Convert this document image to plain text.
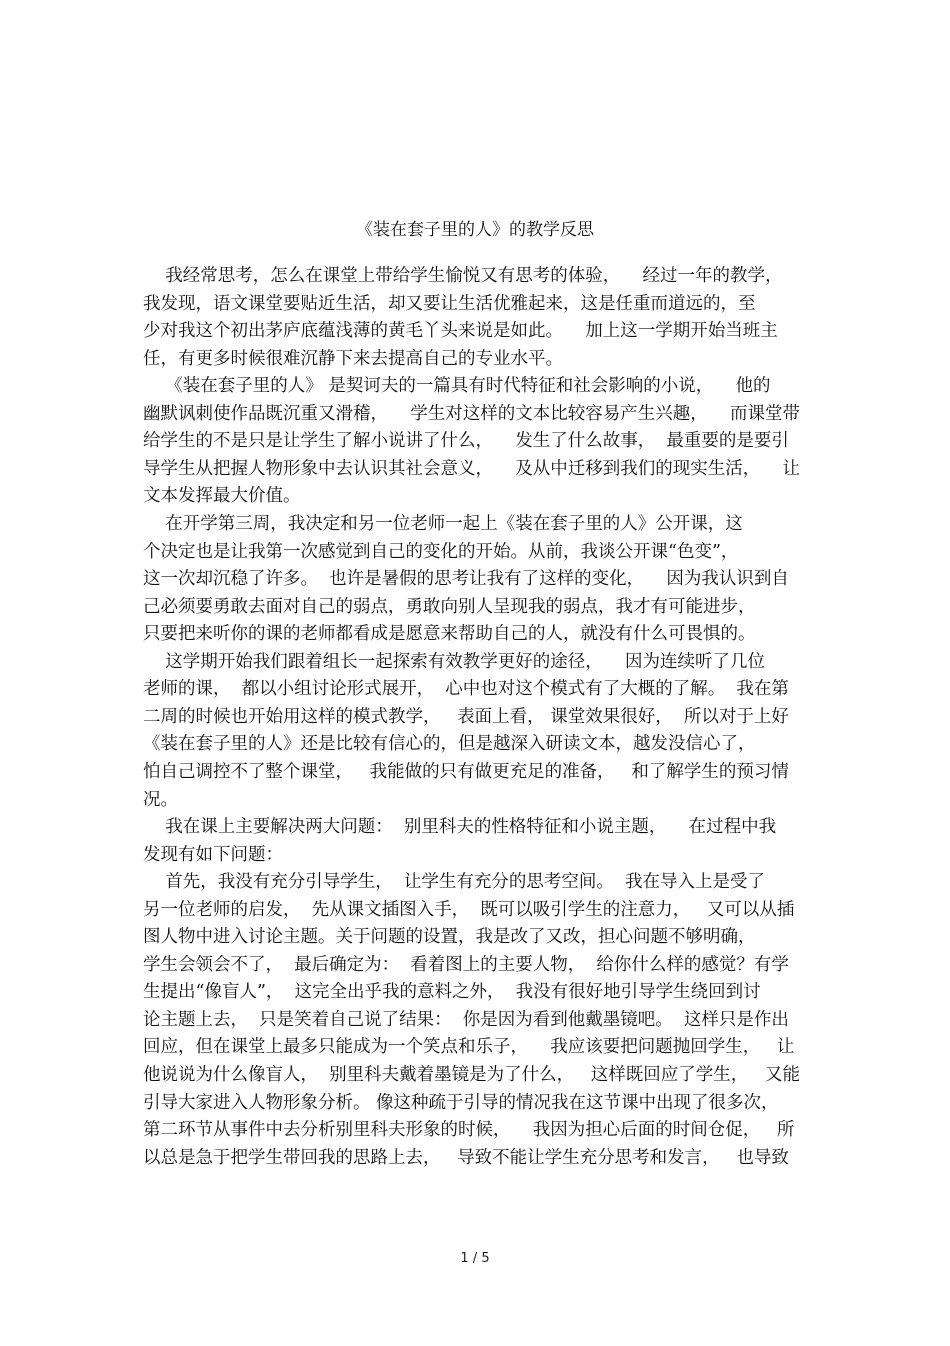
《装在套子里的人》的教学反思
我经常思考，怎么在课堂上带给学生愉悦又有思考的体验，    经过一年的教学，
我发现，语文课堂要贴近生活，却又要让生活优雅起来，这是任重而道远的，至
少对我这个初出茅庐底蕴浅薄的黄毛丫头来说是如此。    加上这一学期开始当班主
任，有更多时候很难沉静下来去提高自己的专业水平。
《装在套子里的人》 是契诃夫的一篇具有时代特征和社会影响的小说，    他的
幽默讽刺使作品既沉重又滑稽，    学生对这样的文本比较容易产生兴趣，    而课堂带
给学生的不是只是让学生了解小说讲了什么，    发生了什么故事，  最重要的是要引
导学生从把握人物形象中去认识其社会意义，    及从中迁移到我们的现实生活，    让
文本发挥最大价值。
在开学第三周，我决定和另一位老师一起上《装在套子里的人》公开课，这
个决定也是让我第一次感觉到自己的变化的开始。从前，我谈公开课“色变”，
这一次却沉稳了许多。  也许是暑假的思考让我有了这样的变化，    因为我认识到自
己必须要勇敢去面对自己的弱点，勇敢向别人呈现我的弱点，我才有可能进步，
只要把来听你的课的老师都看成是愿意来帮助自己的人，就没有什么可畏惧的。
这学期开始我们跟着组长一起探索有效教学更好的途径，    因为连续听了几位
老师的课，  都以小组讨论形式展开，  心中也对这个模式有了大概的了解。  我在第
二周的时候也开始用这样的模式教学，   表面上看， 课堂效果很好，  所以对于上好
《装在套子里的人》还是比较有信心的，但是越深入研读文本，越发没信心了，
怕自己调控不了整个课堂，   我能做的只有做更充足的准备，   和了解学生的预习情
况。
我在课上主要解决两大问题：  别里科夫的性格特征和小说主题，    在过程中我
发现有如下问题：
首先，我没有充分引导学生，  让学生有充分的思考空间。  我在导入上是受了
另一位老师的启发，  先从课文插图入手，  既可以吸引学生的注意力，   又可以从插
图人物中进入讨论主题。关于问题的设置，我是改了又改，担心问题不够明确，
学生会领会不了，  最后确定为：  看着图上的主要人物，  给你什么样的感觉？有学
生提出“像盲人”，  这完全出乎我的意料之外，  我没有很好地引导学生绕回到讨
论主题上去，  只是笑着自己说了结果：  你是因为看到他戴墨镜吧。  这样只是作出
回应，但在课堂上最多只能成为一个笑点和乐子，    我应该要把问题抛回学生，   让
他说说为什么像盲人，  别里科夫戴着墨镜是为了什么，   这样既回应了学生，   又能
引导大家进入人物形象分析。 像这种疏于引导的情况我在这节课中出现了很多次，
第二环节从事件中去分析别里科夫形象的时候，    我因为担心后面的时间仓促，   所
以总是急于把学生带回我的思路上去，   导致不能让学生充分思考和发言，   也导致
1 / 5
